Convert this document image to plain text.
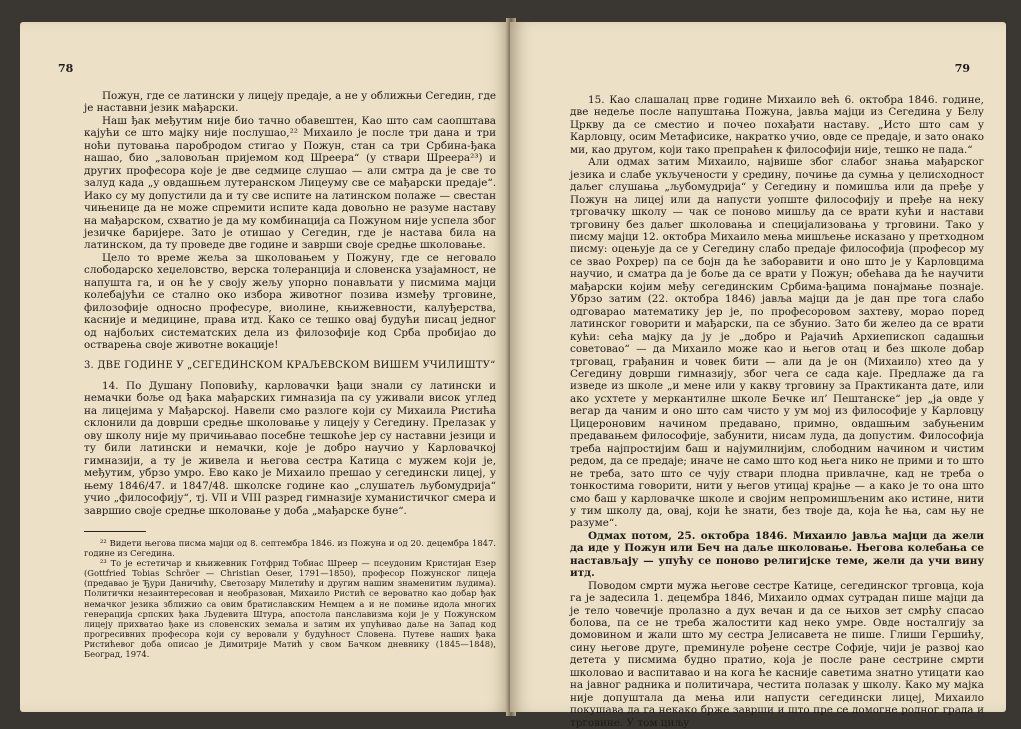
78

Пожун, где се латински у лицеју предаје, а не у оближњи Сегедин, где је наставни језик мађарски.

Наш ђак међутим није био тачно обавештен, Као што сам саопштава кајући се што мајку није послушао,²² Михаило је после три дана и три ноћи путовања паробродом стигао у Пожун, стан са три Србина-ђака нашао, био „заловољан пријемом код Шреера“ (у ствари Шреера²³) и других професора које је две седмице слушао — али смтра да је све то залуд када „у овдашњем лутеранском Лицеуму све се мађарски предаје“. Иако су му допустили да и ту све испите на латинском полаже — свестан чињенице да не може спремити испите када довољно не разуме наставу на мађарском, схватио је да му комбинација са Пожуном није успела због језичке баријере. Зато је отишао у Сегедин, где је настава била на латинском, да ту проведе две године и заврши своје средње школовање.

Цело то време жеља за школовањем у Пожуну, где се неговало слободарско хеџеловство, верска толеранција и словенска узајамност, не напушта га, и он ће у своју жељу упорно понављати у писмима мајци колебајући се стално око избора животног позива између трговине, филозофије односно професуре, виолине, књижевности, калуђерства, касније и медицине, права итд. Како се тешко овај будући писац једног од најбољих систематских дела из филозофије код Срба пробијао до остварења своје животне вокације!

3. ДВЕ ГОДИНЕ У „СЕГЕДИНСКОМ КРАЉЕВСКОМ ВИШЕМ УЧИЛИШТУ“

14. По Душану Поповићу, карловачки ђаци знали су латински и немачки боље од ђака мађарских гимназија па су уживали висок углед на лицејима у Мађарској. Навели смо разлоге који су Михаила Ристића склонили да доврши средње школовање у лицеју у Сегедину. Прелазак у ову школу није му причињавао посебне тешкоће јер су наставни језици и ту били латински и немачки, које је добро научио у Карловачкој гимназији, а ту је живела и његова сестра Катица с мужем који је, међутим, убрзо умро. Ево како је Михаило прешао у сегедински лицеј, у њему 1846/47. и 1847/48. школске године као „слушатељ љубомудрија“ учио „философију“, тј. VII и VIII разред гимназије хуманистичког смера и завршио своје средње школовање у доба „мађарске буне“.

²² Видети његова писма мајци од 8. септембра 1846. из Пожуна и од 20. децембра 1847. године из Сегедина.

²³ То је естетичар и књижевник Готфрид Тобиас Шреер — псеудоним Кристијан Езер (Gottfried Tobias Schröer — Christian Oeser, 1791—1850), професор Пожунског лицеја (предавао је Ђури Даничићу, Светозару Милетићу и другим нашим знаменитим људима). Политички незаинтересован и необразован, Михаило Ристић се вероватно као добар ђак немачког језика зближио са овим братиславским Немцем а и не помиње идола многих генерација српских ђака Људевита Штура, апостола панславизма који је у Пожунском лицеју прихватао ђаке из словенских земаља и затим их упућивао даље на Запад код прогресивних професора који су веровали у будућност Словена. Путеве наших ђака Ристићевог доба описао је Димитрије Матић у свом Бачком дневнику (1845—1848), Београд, 1974.

79

15. Као слашалац прве године Михаило већ 6. октобра 1846. године, две недеље после напуштања Пожуна, јавља мајци из Сегедина у Белу Цркву да се сместио и почео похађати наставу. „Исто што сам у Карловцу, осим Метафисике, накратко учио, овде се предаје, и зато онако ми, као другом, који тако препраћен к философији није, тешко не пада.“

Али одмах затим Михаило, највише због слабог знања мађарског језика и слабе укључености у средину, почиње да сумња у целисходност даљег слушања „љубомудрија“ у Сегедину и помишља или да пређе у Пожун на лицеј или да напусти уопште философију и пређе на неку трговачку школу — чак се поново мишљу да се врати кући и настави трговину без даљег школовања и специјализовања у трговини. Тако у писму мајци 12. октобра Михаило мења мишљење исказано у претходном писму: оцењује да се у Сегедину слабо предаје философија (професор му се звао Рохрер) па се бојн да ће заборавити и оно што је у Карловцима научио, и сматра да је боље да се врати у Пожун; обећава да ће научити мађарски којим међу сегединским Србима-ђацима понајмање познаје. Убрзо затим (22. октобра 1846) јавља мајци да је дан пре тога слабо одговарао математику јер је, по професоровом захтеву, морао поред латинског говорити и мађарски, па се збунио. Зато би желео да се врати кући: сећа мајку да ју је „добро и Рајачић Архиепископ садашњи советовао“ — да Михаило може као и његов отац и без школе добар трговац, грађанин и човек бити — али да је он (Михаило) хтео да у Сегедину доврши гимназију, због чега се сада каје. Предлаже да га изведе из школе „и мене или у какву трговину за Практиканта дате, или ако усхтете у меркантилне школе Бечке ил’ Пештанске“ јер „ја овде у вегар да чаним и оно што сам чисто у ум мој из философије у Карловцу Цицероновим начином предавано, примно, овдашњим забуњеним предавањем философије, забунити, нисам луда, да допустим. Философија треба најпростијим баш и најумилнијим, слободним начином и чистим редом, да се предаје; иначе не само што код њега нико не прими и то што не треба, зато што се чују ствари плодна привлачне, кад не треба о тонкостима говорити, нити у његов утицај крајње — а како је то она што смо баш у карловачке школе и својим непромишљеним ако истине, нити у тим школу да, овај, који ће знати, без твоје да, која ће ња, сам њу не разуме“.

Одмах потом, 25. октобра 1846. Михаило јавља мајци да жели да иде у Пожун или Беч на даље школовање. Његова колебања се настављају — упућу се поново религијске теме, жели да учи вину итд.

Поводом смрти мужа његове сестре Катице, сегединског трговца, која га је задесила 1. децембра 1846, Михаило одмах сутрадан пише мајци да је тело човечије пролазно а дух вечан и да се њихов зет смрћу спасао болова, па се не треба жалостити кад неко умре. Овде носталгију за домовином и жали што му сестра Јелисавета не пише. Глиши Гершићу, сину његове друге, преминуле рођене сестре Софије, чији је развој као детета у писмима будно пратио, која је после ране сестрине смрти школовао и васпитавао и на кога ће касније саветима знатно утицати као на јавног радника и политичара, честита полазак у школу. Како му мајка није допуштала да мења или напусти сегедински лицеј, Михаило покушава да га некако брже заврши и што пре се домогне родног града и трговине. У том циљу
